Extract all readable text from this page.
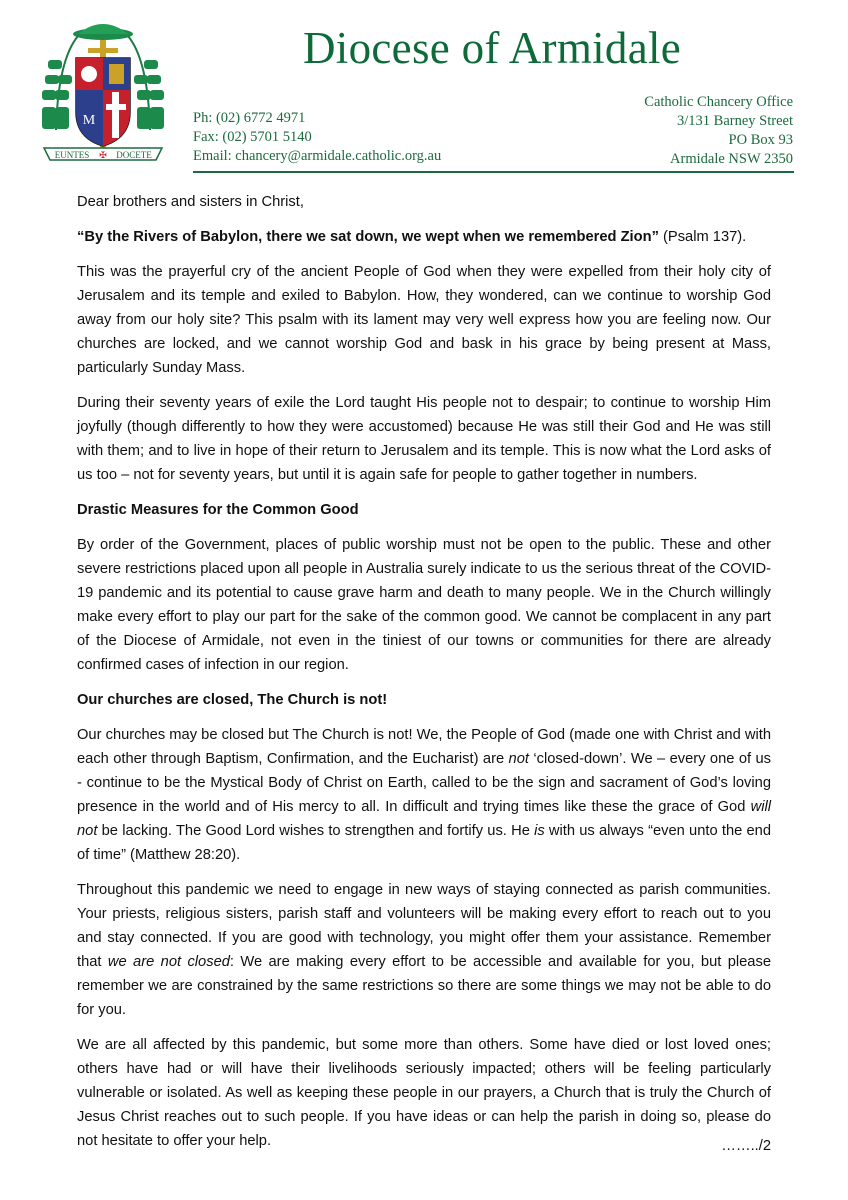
M
EUNTES ✠ DOCETE
Diocese of Armidale
Ph: (02) 6772 4971
Fax: (02) 5701 5140
Email: chancery@armidale.catholic.org.au
Catholic Chancery Office
3/131 Barney Street
PO Box 93
Armidale NSW 2350

Dear brothers and sisters in Christ,

“By the Rivers of Babylon, there we sat down, we wept when we remembered Zion” (Psalm 137).

This was the prayerful cry of the ancient People of God when they were expelled from their holy city of Jerusalem and its temple and exiled to Babylon. How, they wondered, can we continue to worship God away from our holy site? This psalm with its lament may very well express how you are feeling now. Our churches are locked, and we cannot worship God and bask in his grace by being present at Mass, particularly Sunday Mass.

During their seventy years of exile the Lord taught His people not to despair; to continue to worship Him joyfully (though differently to how they were accustomed) because He was still their God and He was still with them; and to live in hope of their return to Jerusalem and its temple. This is now what the Lord asks of us too – not for seventy years, but until it is again safe for people to gather together in numbers.

Drastic Measures for the Common Good

By order of the Government, places of public worship must not be open to the public. These and other severe restrictions placed upon all people in Australia surely indicate to us the serious threat of the COVID-19 pandemic and its potential to cause grave harm and death to many people. We in the Church willingly make every effort to play our part for the sake of the common good. We cannot be complacent in any part of the Diocese of Armidale, not even in the tiniest of our towns or communities for there are already confirmed cases of infection in our region.

Our churches are closed, The Church is not!

Our churches may be closed but The Church is not! We, the People of God (made one with Christ and with each other through Baptism, Confirmation, and the Eucharist) are not ‘closed-down’. We – every one of us - continue to be the Mystical Body of Christ on Earth, called to be the sign and sacrament of God’s loving presence in the world and of His mercy to all. In difficult and trying times like these the grace of God will not be lacking. The Good Lord wishes to strengthen and fortify us. He is with us always “even unto the end of time” (Matthew 28:20).

Throughout this pandemic we need to engage in new ways of staying connected as parish communities. Your priests, religious sisters, parish staff and volunteers will be making every effort to reach out to you and stay connected. If you are good with technology, you might offer them your assistance. Remember that we are not closed: We are making every effort to be accessible and available for you, but please remember we are constrained by the same restrictions so there are some things we may not be able to do for you.

We are all affected by this pandemic, but some more than others. Some have died or lost loved ones; others have had or will have their livelihoods seriously impacted; others will be feeling particularly vulnerable or isolated. As well as keeping these people in our prayers, a Church that is truly the Church of Jesus Christ reaches out to such people. If you have ideas or can help the parish in doing so, please do not hesitate to offer your help.	……../2
